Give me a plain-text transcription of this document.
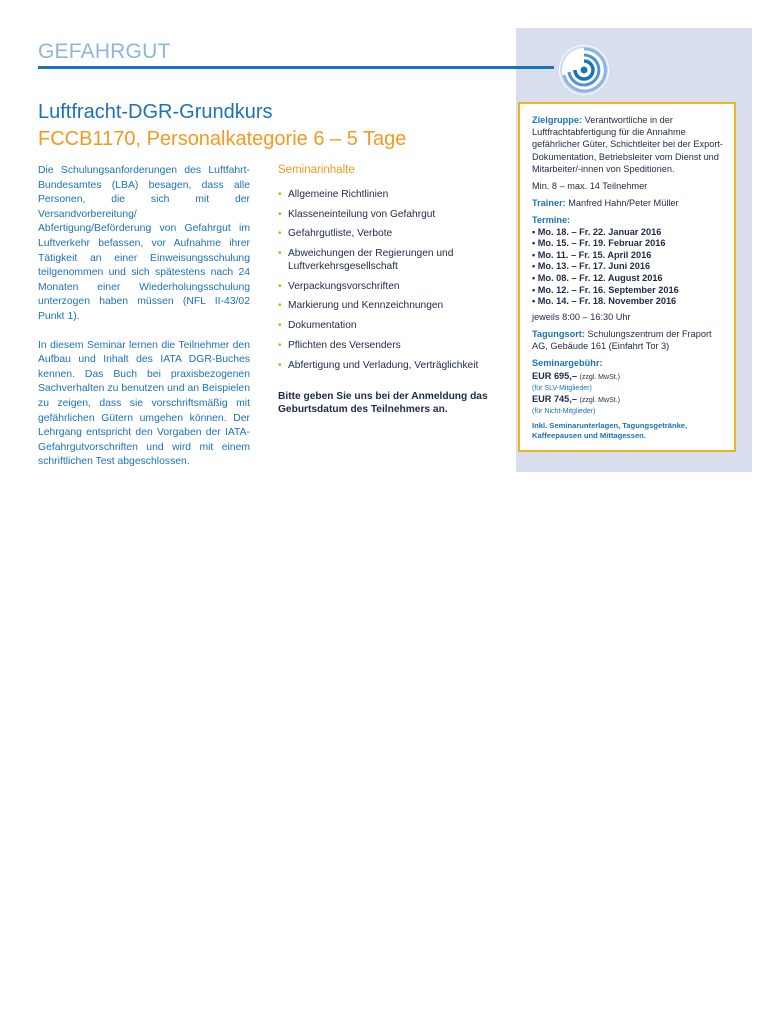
GEFAHRGUT
Luftfracht-DGR-Grundkurs
FCCB1170, Personalkategorie 6 – 5 Tage

Die Schulungsanforderungen des Luftfahrt-Bundesamtes (LBA) besagen, dass alle Personen, die sich mit der Versandvorbereitung/ Abfertigung/Beförderung von Gefahrgut im Luftverkehr befassen, vor Aufnahme ihrer Tätigkeit an einer Einweisungsschulung teilgenommen und sich spätestens nach 24 Monaten einer Wiederholungsschulung unterzogen haben müssen (NFL II-43/02 Punkt 1).

In diesem Seminar lernen die Teilnehmer den Aufbau und Inhalt des IATA DGR-Buches kennen. Das Buch bei praxisbezogenen Sachverhalten zu benutzen und an Beispielen zu zeigen, dass sie vorschriftsmäßig mit gefährlichen Gütern umgehen können. Der Lehrgang entspricht den Vorgaben der IATA-Gefahrgutvorschriften und wird mit einem schriftlichen Test abgeschlossen.

Seminarinhalte
• Allgemeine Richtlinien
• Klasseneinteilung von Gefahrgut
• Gefahrgutliste, Verbote
• Abweichungen der Regierungen und Luftverkehrsgesellschaft
• Verpackungsvorschriften
• Markierung und Kennzeichnungen
• Dokumentation
• Pflichten des Versenders
• Abfertigung und Verladung, Verträglichkeit
Bitte geben Sie uns bei der Anmeldung das Geburtsdatum des Teilnehmers an.
Zielgruppe: Verantwortliche in der Luftfrachtabfertigung für die Annahme gefährlicher Güter, Schichtleiter bei der Export-Dokumentation, Betriebsleiter vom Dienst und Mitarbeiter/-innen von Speditionen.
Min. 8 – max. 14 Teilnehmer
Trainer: Manfred Hahn/Peter Müller
Termine:
• Mo. 18. – Fr. 22. Januar 2016
• Mo. 15. – Fr. 19. Februar 2016
• Mo. 11. – Fr. 15. April 2016
• Mo. 13. – Fr. 17. Juni 2016
• Mo. 08. – Fr. 12. August 2016
• Mo. 12. – Fr. 16. September 2016
• Mo. 14. – Fr. 18. November 2016
jeweils 8:00 – 16:30 Uhr
Tagungsort: Schulungszentrum der Fraport AG, Gebäude 161 (Einfahrt Tor 3)
Seminargebühr:
EUR 695,– (zzgl. MwSt.)
(für SLV-Mitglieder)
EUR 745,– (zzgl. MwSt.)
(für Nicht-Mitglieder)
Inkl. Seminarunterlagen, Tagungsgetränke, Kaffeepausen und Mittagessen.
